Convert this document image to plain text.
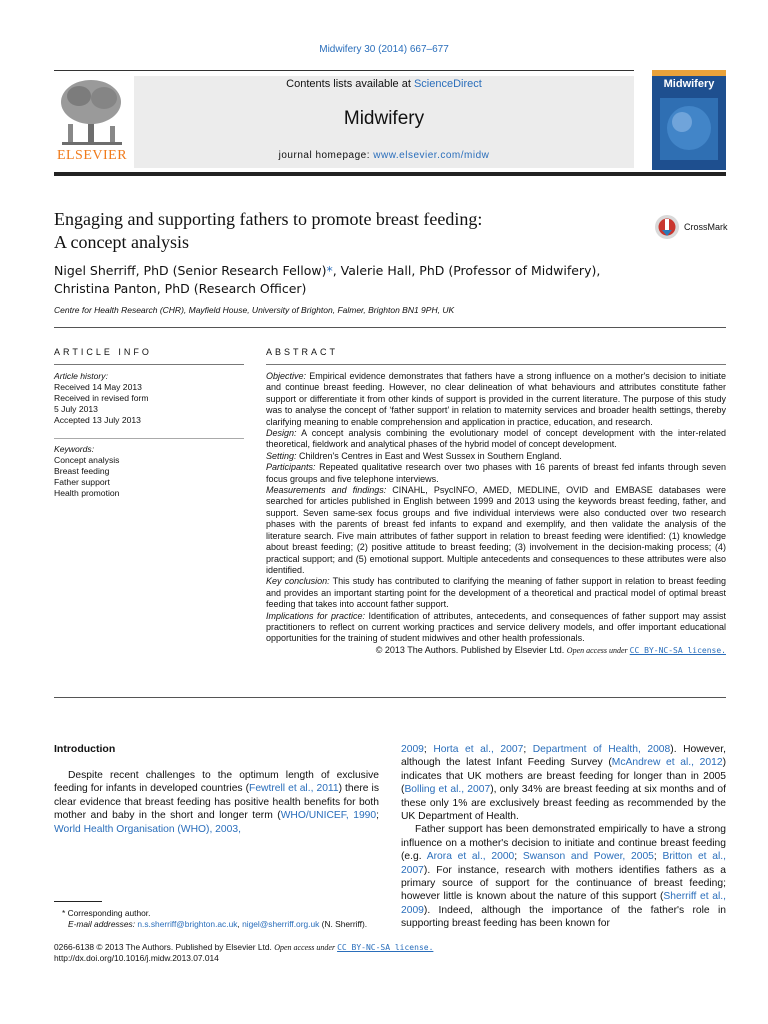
Midwifery 30 (2014) 667–677
ELSEVIER
Contents lists available at ScienceDirect
Midwifery
journal homepage: www.elsevier.com/midw
Midwifery
Engaging and supporting fathers to promote breast feeding:
A concept analysis
CrossMark
Nigel Sherriff, PhD (Senior Research Fellow)*, Valerie Hall, PhD (Professor of Midwifery),
Christina Panton, PhD (Research Officer)
Centre for Health Research (CHR), Mayfield House, University of Brighton, Falmer, Brighton BN1 9PH, UK
ARTICLE INFO
Article history:
Received 14 May 2013
Received in revised form
5 July 2013
Accepted 13 July 2013
Keywords:
Concept analysis
Breast feeding
Father support
Health promotion
ABSTRACT
Objective: Empirical evidence demonstrates that fathers have a strong influence on a mother's decision to initiate and continue breast feeding. However, no clear delineation of what behaviours and attributes constitute father support or differentiate it from other kinds of support is provided in the current literature. The purpose of this study was to analyse the concept of ‘father support’ in relation to maternity services and broader health settings, thereby clarifying meaning to enable comprehension and application in practice, education, and research.
Design: A concept analysis combining the evolutionary model of concept development with the inter-related theoretical, fieldwork and analytical phases of the hybrid model of concept development.
Setting: Children's Centres in East and West Sussex in Southern England.
Participants: Repeated qualitative research over two phases with 16 parents of breast fed infants through seven focus groups and five telephone interviews.
Measurements and findings: CINAHL, PsycINFO, AMED, MEDLINE, OVID and EMBASE databases were searched for articles published in English between 1999 and 2013 using the keywords breast feeding, father, and support. Seven same-sex focus groups and five individual interviews were also conducted over two research phases with the parents of breast fed infants to expand and exemplify, and then validate the analysis of the literature search. Five main attributes of father support in relation to breast feeding were identified: (1) knowledge about breast feeding; (2) positive attitude to breast feeding; (3) involvement in the decision-making process; (4) practical support; and (5) emotional support. Multiple antecedents and consequences to these attributes were also identified.
Key conclusion: This study has contributed to clarifying the meaning of father support in relation to breast feeding and provides an important starting point for the development of a theoretical and practical model of optimal breast feeding that takes into account father support.
Implications for practice: Identification of attributes, antecedents, and consequences of father support may assist practitioners to reflect on current working practices and service delivery models, and offer important educational opportunities for the training of student midwives and other health professionals.
© 2013 The Authors. Published by Elsevier Ltd. Open access under CC BY-NC-SA license.
Introduction

Despite recent challenges to the optimum length of exclusive feeding for infants in developed countries (Fewtrell et al., 2011) there is clear evidence that breast feeding has positive health benefits for both mother and baby in the short and longer term (WHO/UNICEF, 1990; World Health Organisation (WHO), 2003,

2009; Horta et al., 2007; Department of Health, 2008). However, although the latest Infant Feeding Survey (McAndrew et al., 2012) indicates that UK mothers are breast feeding for longer than in 2005 (Bolling et al., 2007), only 34% are breast feeding at six months and of these only 1% are exclusively breast feeding as recommended by the UK Department of Health.

Father support has been demonstrated empirically to have a strong influence on a mother's decision to initiate and continue breast feeding (e.g. Arora et al., 2000; Swanson and Power, 2005; Britton et al., 2007). For instance, research with mothers identifies fathers as a primary source of support for the continuance of breast feeding; however little is known about the nature of this support (Sherriff et al., 2009). Indeed, although the importance of the father's role in supporting breast feeding has been known for

* Corresponding author.
E-mail addresses: n.s.sherriff@brighton.ac.uk, nigel@sherriff.org.uk (N. Sherriff).
0266-6138 © 2013 The Authors. Published by Elsevier Ltd. Open access under CC BY-NC-SA license.
http://dx.doi.org/10.1016/j.midw.2013.07.014
